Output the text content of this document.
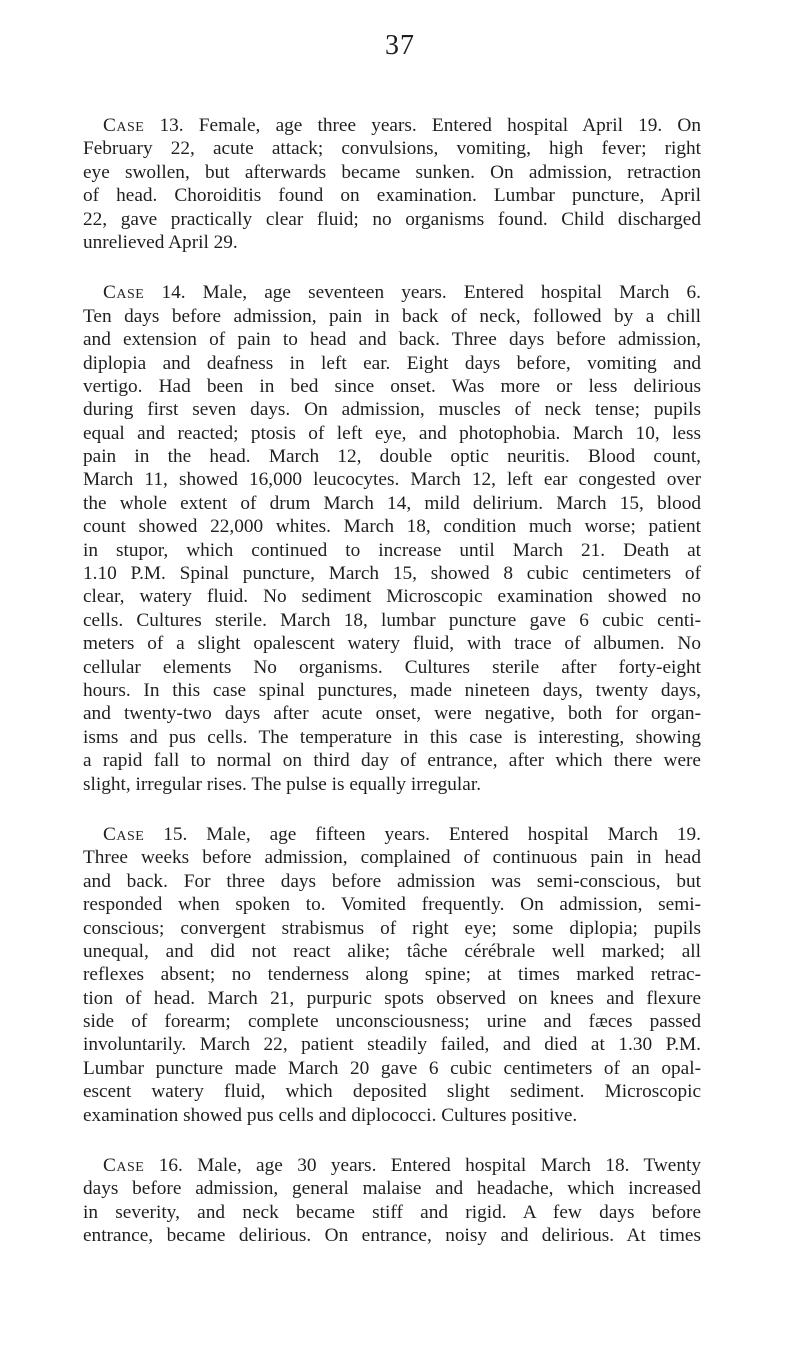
37

Case 13. Female, age three years. Entered hospital April 19. On
February 22, acute attack; convulsions, vomiting, high fever; right
eye swollen, but afterwards became sunken. On admission, retraction
of head. Choroiditis found on examination. Lumbar puncture, April
22, gave practically clear fluid; no organisms found. Child discharged
unrelieved April 29.

Case 14. Male, age seventeen years. Entered hospital March 6.
Ten days before admission, pain in back of neck, followed by a chill
and extension of pain to head and back. Three days before admission,
diplopia and deafness in left ear. Eight days before, vomiting and
vertigo. Had been in bed since onset. Was more or less delirious
during first seven days. On admission, muscles of neck tense; pupils
equal and reacted; ptosis of left eye, and photophobia. March 10, less
pain in the head. March 12, double optic neuritis. Blood count,
March 11, showed 16,000 leucocytes. March 12, left ear congested over
the whole extent of drum March 14, mild delirium. March 15, blood
count showed 22,000 whites. March 18, condition much worse; patient
in stupor, which continued to increase until March 21. Death at
1.10 P.M. Spinal puncture, March 15, showed 8 cubic centimeters of
clear, watery fluid. No sediment Microscopic examination showed no
cells. Cultures sterile. March 18, lumbar puncture gave 6 cubic centi-
meters of a slight opalescent watery fluid, with trace of albumen. No
cellular elements No organisms. Cultures sterile after forty-eight
hours. In this case spinal punctures, made nineteen days, twenty days,
and twenty-two days after acute onset, were negative, both for organ-
isms and pus cells. The temperature in this case is interesting, showing
a rapid fall to normal on third day of entrance, after which there were
slight, irregular rises. The pulse is equally irregular.

Case 15. Male, age fifteen years. Entered hospital March 19.
Three weeks before admission, complained of continuous pain in head
and back. For three days before admission was semi-conscious, but
responded when spoken to. Vomited frequently. On admission, semi-
conscious; convergent strabismus of right eye; some diplopia; pupils
unequal, and did not react alike; tâche cérébrale well marked; all
reflexes absent; no tenderness along spine; at times marked retrac-
tion of head. March 21, purpuric spots observed on knees and flexure
side of forearm; complete unconsciousness; urine and fæces passed
involuntarily. March 22, patient steadily failed, and died at 1.30 P.M.
Lumbar puncture made March 20 gave 6 cubic centimeters of an opal-
escent watery fluid, which deposited slight sediment. Microscopic
examination showed pus cells and diplococci. Cultures positive.

Case 16. Male, age 30 years. Entered hospital March 18. Twenty
days before admission, general malaise and headache, which increased
in severity, and neck became stiff and rigid. A few days before
entrance, became delirious. On entrance, noisy and delirious. At times
